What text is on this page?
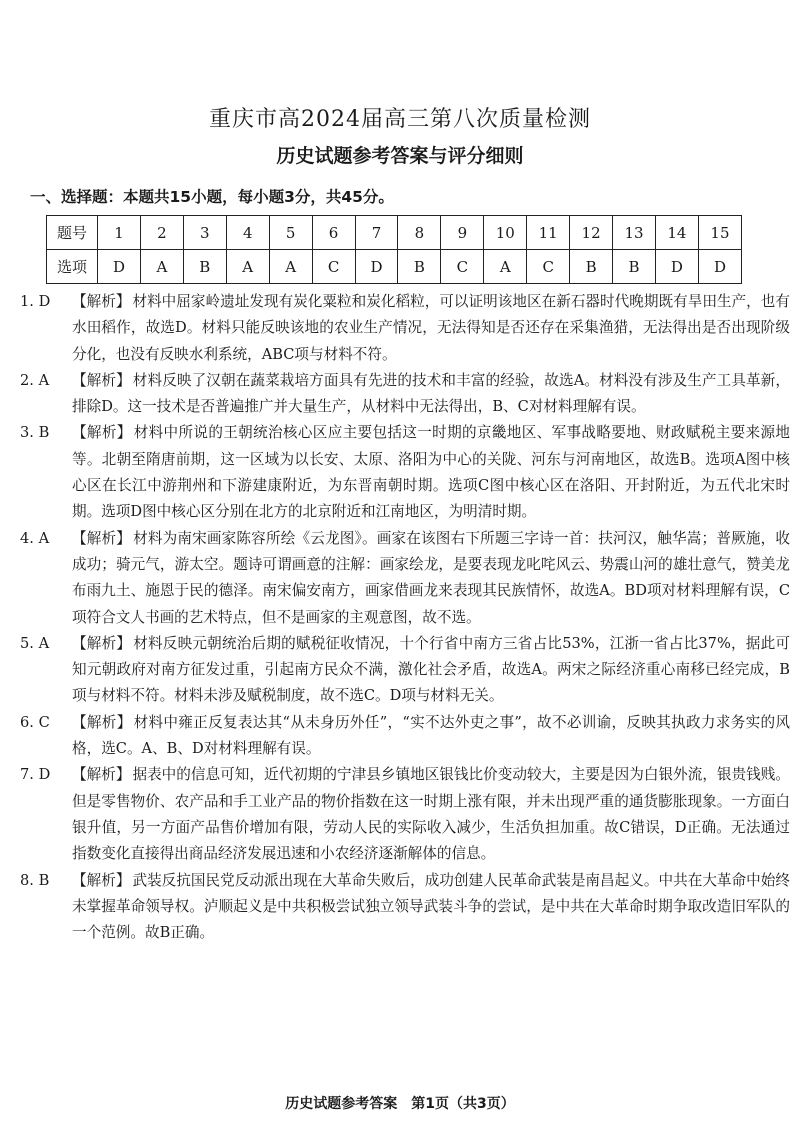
重庆市高2024届高三第八次质量检测
历史试题参考答案与评分细则
一、选择题：本题共15小题，每小题3分，共45分。
题号	1	2	3	4	5	6	7	8	9	10	11	12	13	14	15
选项	D	A	B	A	A	C	D	B	C	A	C	B	B	D	D
1. D	【解析】 材料中屈家岭遗址发现有炭化粟粒和炭化稻粒，可以证明该地区在新石器时代晚期既有旱田生产，也有水田稻作，故选D。材料只能反映该地的农业生产情况，无法得知是否还存在采集渔猎，无法得出是否出现阶级分化，也没有反映水利系统，ABC项与材料不符。
2. A	【解析】 材料反映了汉朝在蔬菜栽培方面具有先进的技术和丰富的经验，故选A。材料没有涉及生产工具革新，排除D。这一技术是否普遍推广并大量生产，从材料中无法得出，B、C对材料理解有误。
3. B	【解析】 材料中所说的王朝统治核心区应主要包括这一时期的京畿地区、军事战略要地、财政赋税主要来源地等。北朝至隋唐前期，这一区域为以长安、太原、洛阳为中心的关陇、河东与河南地区，故选B。选项A图中核心区在长江中游荆州和下游建康附近，为东晋南朝时期。选项C图中核心区在洛阳、开封附近，为五代北宋时期。选项D图中核心区分别在北方的北京附近和江南地区，为明清时期。
4. A	【解析】 材料为南宋画家陈容所绘《云龙图》。画家在该图右下所题三字诗一首：扶河汉，触华嵩；普厥施，收成功；骑元气，游太空。题诗可谓画意的注解：画家绘龙，是要表现龙叱咤风云、势震山河的雄壮意气，赞美龙布雨九土、施恩于民的德泽。南宋偏安南方，画家借画龙来表现其民族情怀，故选A。BD项对材料理解有误，C项符合文人书画的艺术特点，但不是画家的主观意图，故不选。
5. A	【解析】 材料反映元朝统治后期的赋税征收情况，十个行省中南方三省占比53%，江浙一省占比37%，据此可知元朝政府对南方征发过重，引起南方民众不满，激化社会矛盾，故选A。两宋之际经济重心南移已经完成，B项与材料不符。材料未涉及赋税制度，故不选C。D项与材料无关。
6. C	【解析】 材料中雍正反复表达其“从未身历外任”，“实不达外吏之事”，故不必训谕，反映其执政力求务实的风格，选C。A、B、D对材料理解有误。
7. D	【解析】 据表中的信息可知，近代初期的宁津县乡镇地区银钱比价变动较大，主要是因为白银外流，银贵钱贱。但是零售物价、农产品和手工业产品的物价指数在这一时期上涨有限，并未出现严重的通货膨胀现象。一方面白银升值，另一方面产品售价增加有限，劳动人民的实际收入减少，生活负担加重。故C错误，D正确。无法通过指数变化直接得出商品经济发展迅速和小农经济逐渐解体的信息。
8. B	【解析】 武装反抗国民党反动派出现在大革命失败后，成功创建人民革命武装是南昌起义。中共在大革命中始终未掌握革命领导权。泸顺起义是中共积极尝试独立领导武装斗争的尝试，是中共在大革命时期争取改造旧军队的一个范例。故B正确。
历史试题参考答案　第1页（共3页）
